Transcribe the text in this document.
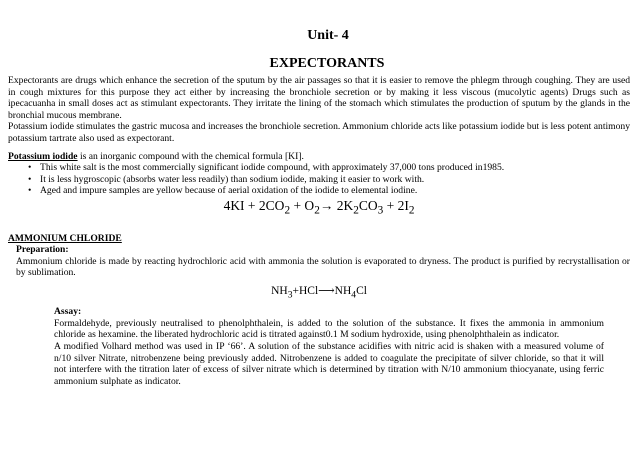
Unit- 4
EXPECTORANTS

Expectorants are drugs which enhance the secretion of the sputum by the air passages so that it is easier to remove the phlegm through coughing. They are used in cough mixtures for this purpose they act either by increasing the bronchiole secretion or by making it less viscous (mucolytic agents) Drugs such as ipecacuanha in small doses act as stimulant expectorants. They irritate the lining of the stomach which stimulates the production of sputum by the glands in the bronchial mucous membrane.

Potassium iodide stimulates the gastric mucosa and increases the bronchiole secretion. Ammonium chloride acts like potassium iodide but is less potent antimony potassium tartrate also used as expectorant.

Potassium iodide is an inorganic compound with the chemical formula [KI].

• This white salt is the most commercially significant iodide compound, with approximately 37,000 tons produced in1985.
• It is less hygroscopic (absorbs water less readily) than sodium iodide, making it easier to work with.
• Aged and impure samples are yellow because of aerial oxidation of the iodide to elemental iodine.
$4KI + 2CO_2 + O_2\to 2K_2CO_3 + 2I_2$
AMMONIUM CHLORIDE
Preparation:

Ammonium chloride is made by reacting hydrochloric acid with ammonia the solution is evaporated to dryness. The product is purified by recrystallisation or by sublimation.

$NH_3+HCl⟶NH_4Cl$
Assay:

Formaldehyde, previously neutralised to phenolphthalein, is added to the solution of the substance. It fixes the ammonia in ammonium chloride as hexamine. the liberated hydrochloric acid is titrated against0.1 M sodium hydroxide, using phenolphthalein as indicator.

A modified Volhard method was used in IP ‘66’. A solution of the substance acidifies with nitric acid is shaken with a measured volume of n/10 silver Nitrate, nitrobenzene being previously added. Nitrobenzene is added to coagulate the precipitate of silver chloride, so that it will not interfere with the titration later of excess of silver nitrate which is determined by titration with N/10 ammonium thiocyanate, using ferric ammonium sulphate as indicator.
